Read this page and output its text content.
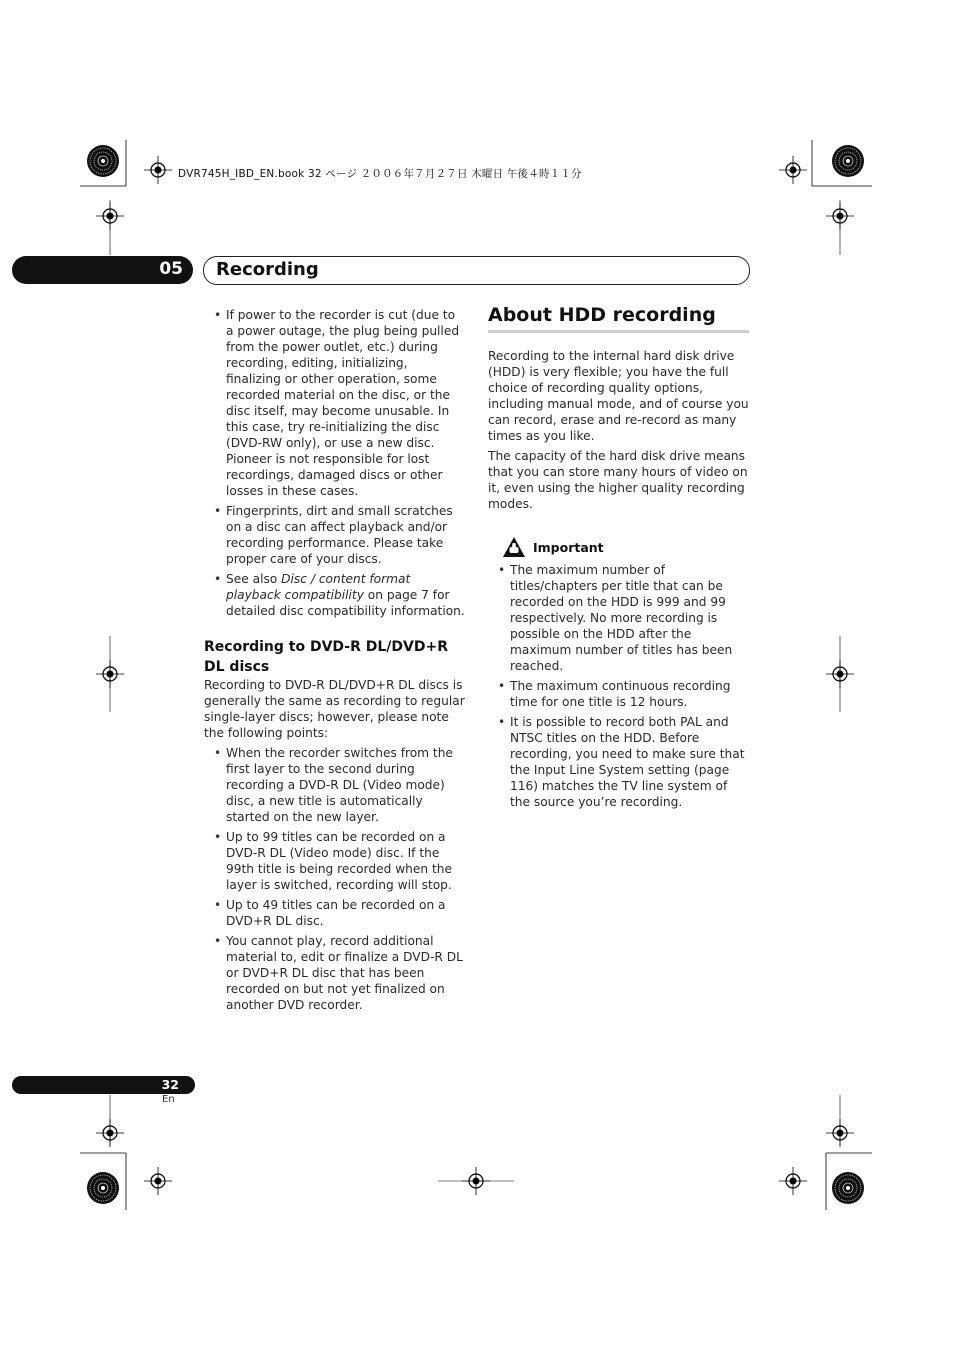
DVR745H_IBD_EN.book 32 ページ ２００６年７月２７日 木曜日 午後４時１１分
05 Recording
• If power to the recorder is cut (due to a power outage, the plug being pulled from the power outlet, etc.) during recording, editing, initializing, finalizing or other operation, some recorded material on the disc, or the disc itself, may become unusable. In this case, try re-initializing the disc (DVD-RW only), or use a new disc. Pioneer is not responsible for lost recordings, damaged discs or other losses in these cases.
• Fingerprints, dirt and small scratches on a disc can affect playback and/or recording performance. Please take proper care of your discs.
• See also Disc / content format playback compatibility on page 7 for detailed disc compatibility information.
Recording to DVD-R DL/DVD+R DL discs

Recording to DVD-R DL/DVD+R DL discs is generally the same as recording to regular single-layer discs; however, please note the following points:

• When the recorder switches from the first layer to the second during recording a DVD-R DL (Video mode) disc, a new title is automatically started on the new layer.
• Up to 99 titles can be recorded on a DVD-R DL (Video mode) disc. If the 99th title is being recorded when the layer is switched, recording will stop.
• Up to 49 titles can be recorded on a DVD+R DL disc.
• You cannot play, record additional material to, edit or finalize a DVD-R DL or DVD+R DL disc that has been recorded on but not yet finalized on another DVD recorder.
About HDD recording

Recording to the internal hard disk drive (HDD) is very flexible; you have the full choice of recording quality options, including manual mode, and of course you can record, erase and re-record as many times as you like.

The capacity of the hard disk drive means that you can store many hours of video on it, even using the higher quality recording modes.

Important
• The maximum number of titles/chapters per title that can be recorded on the HDD is 999 and 99 respectively. No more recording is possible on the HDD after the maximum number of titles has been reached.
• The maximum continuous recording time for one title is 12 hours.
• It is possible to record both PAL and NTSC titles on the HDD. Before recording, you need to make sure that the Input Line System setting (page 116) matches the TV line system of the source you’re recording.
32
En
